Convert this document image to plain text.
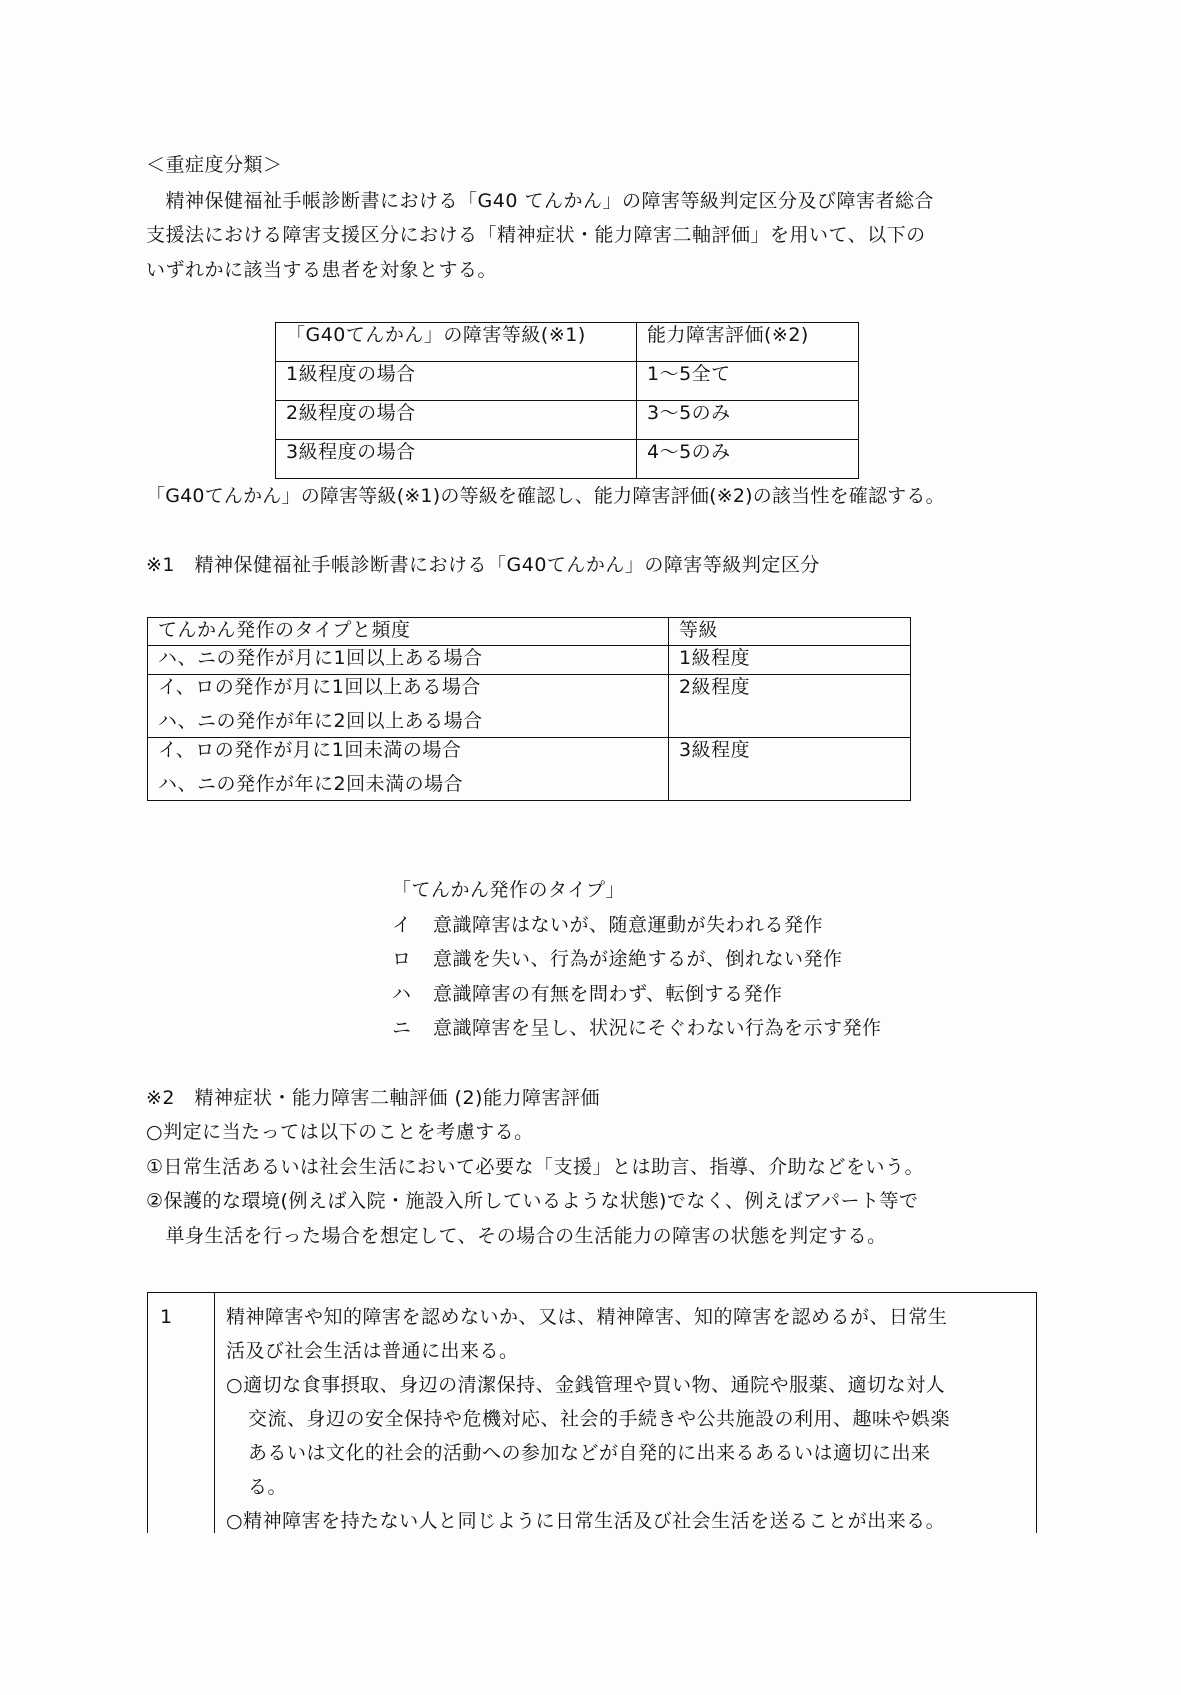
＜重症度分類＞
　精神保健福祉手帳診断書における「G40 てんかん」の障害等級判定区分及び障害者総合
支援法における障害支援区分における「精神症状・能力障害二軸評価」を用いて、以下の
いずれかに該当する患者を対象とする。
「G40てんかん」の障害等級(※1)	能力障害評価(※2)
1級程度の場合	1～5全て
2級程度の場合	3～5のみ
3級程度の場合	4～5のみ
「G40てんかん」の障害等級(※1)の等級を確認し、能力障害評価(※2)の該当性を確認する。
※1　精神保健福祉手帳診断書における「G40てんかん」の障害等級判定区分
てんかん発作のタイプと頻度	等級

ハ、ニの発作が月に1回以上ある場合	1級程度

イ、ロの発作が月に1回以上ある場合
ハ、ニの発作が年に2回以上ある場合	2級程度

イ、ロの発作が月に1回未満の場合
ハ、ニの発作が年に2回未満の場合	3級程度
「てんかん発作のタイプ」
イ 意識障害はないが、随意運動が失われる発作
ロ 意識を失い、行為が途絶するが、倒れない発作
ハ 意識障害の有無を問わず、転倒する発作
ニ 意識障害を呈し、状況にそぐわない行為を示す発作
※2　精神症状・能力障害二軸評価 (2)能力障害評価
○判定に当たっては以下のことを考慮する。
①日常生活あるいは社会生活において必要な「支援」とは助言、指導、介助などをいう。
②保護的な環境(例えば入院・施設入所しているような状態)でなく、例えばアパート等で
　単身生活を行った場合を想定して、その場合の生活能力の障害の状態を判定する。
1	精神障害や知的障害を認めないか、又は、精神障害、知的障害を認めるが、日常生
活及び社会生活は普通に出来る。
○適切な食事摂取、身辺の清潔保持、金銭管理や買い物、通院や服薬、適切な対人
交流、身辺の安全保持や危機対応、社会的手続きや公共施設の利用、趣味や娯楽
あるいは文化的社会的活動への参加などが自発的に出来るあるいは適切に出来
る。
○精神障害を持たない人と同じように日常生活及び社会生活を送ることが出来る。
